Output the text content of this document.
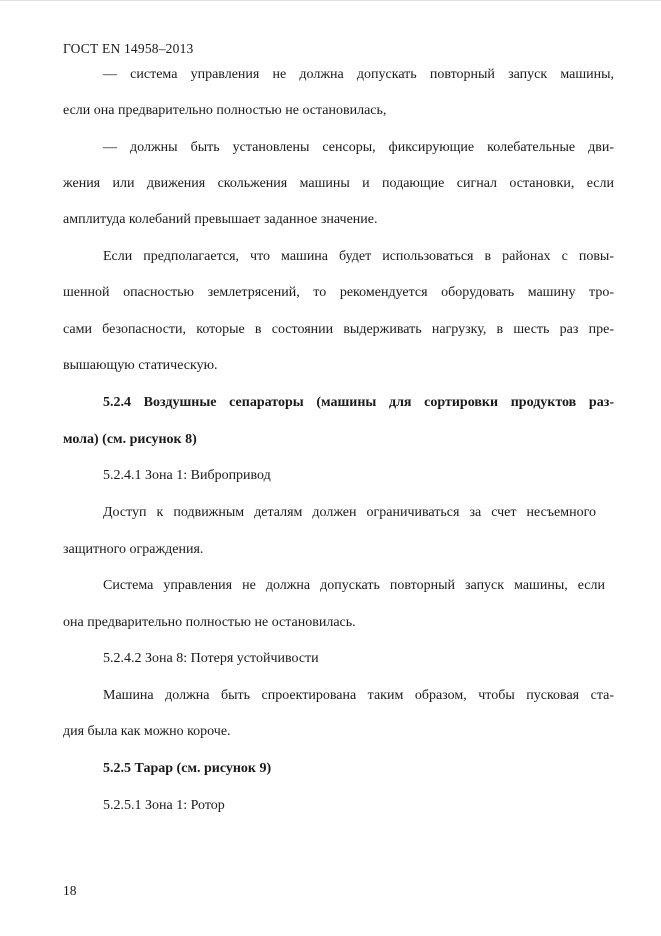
ГОСТ EN 14958–2013
— система управления не должна допускать повторный запуск машины,
если она предварительно полностью не остановилась,
— должны быть установлены сенсоры, фиксирующие колебательные дви-
жения или движения скольжения машины и подающие сигнал остановки, если
амплитуда колебаний превышает заданное значение.
Если предполагается, что машина будет использоваться в районах с повы-
шенной опасностью землетрясений, то рекомендуется оборудовать машину тро-
сами безопасности, которые в состоянии выдерживать нагрузку, в шесть раз пре-
вышающую статическую.
5.2.4 Воздушные сепараторы (машины для сортировки продуктов раз-
мола) (см. рисунок 8)
5.2.4.1 Зона 1: Вибропривод
Доступ к подвижным деталям должен ограничиваться за счет несъемного
защитного ограждения.
Система управления не должна допускать повторный запуск машины, если
она предварительно полностью не остановилась.
5.2.4.2 Зона 8: Потеря устойчивости
Машина должна быть спроектирована таким образом, чтобы пусковая ста-
дия была как можно короче.
5.2.5 Тарар (см. рисунок 9)
5.2.5.1 Зона 1: Ротор
18
